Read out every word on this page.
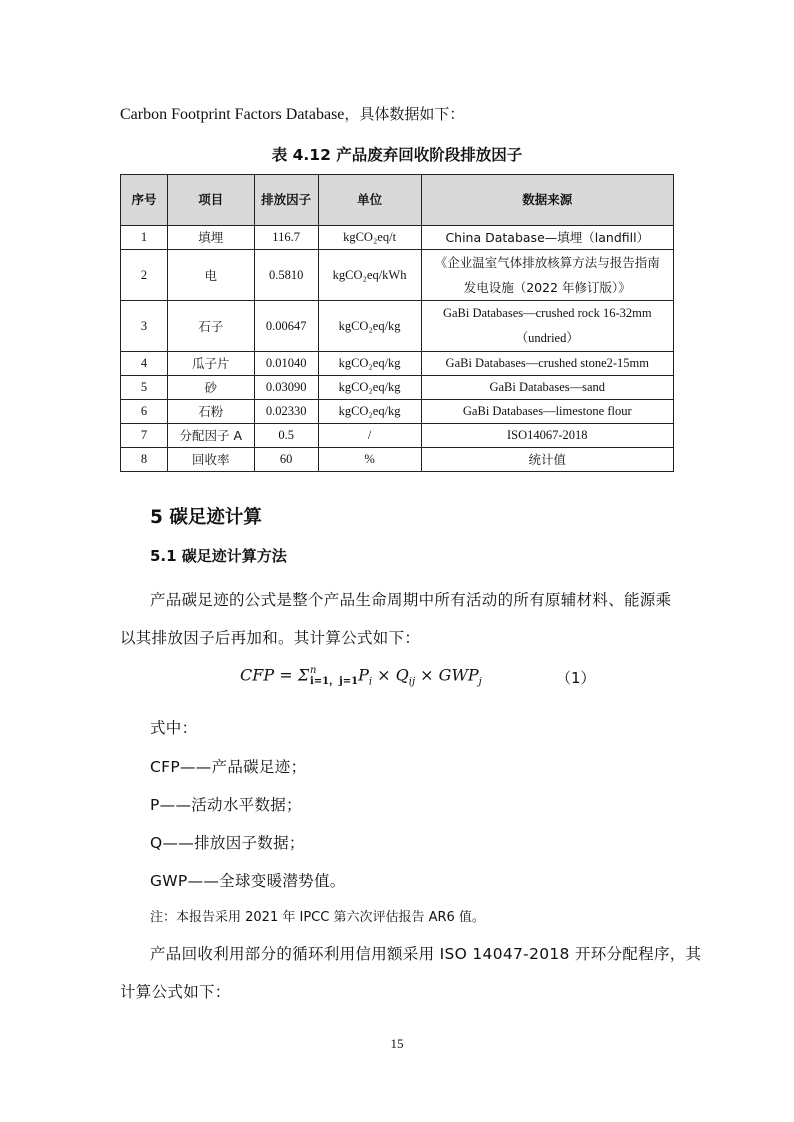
Carbon Footprint Factors Database，具体数据如下：
表 4.12 产品废弃回收阶段排放因子
序号	项目	排放因子	单位	数据来源
1	填埋	116.7	kgCO₂eq/t	China Database—填埋（landfill）
2	电	0.5810	kgCO₂eq/kWh	《企业温室气体排放核算方法与报告指南 发电设施（2022 年修订版）》
3	石子	0.00647	kgCO₂eq/kg	GaBi Databases—crushed rock 16-32mm（undried）
4	瓜子片	0.01040	kgCO₂eq/kg	GaBi Databases—crushed stone2-15mm
5	砂	0.03090	kgCO₂eq/kg	GaBi Databases—sand
6	石粉	0.02330	kgCO₂eq/kg	GaBi Databases—limestone flour
7	分配因子 A	0.5	/	ISO14067-2018
8	回收率	60	%	统计值
5 碳足迹计算
5.1 碳足迹计算方法
产品碳足迹的公式是整个产品生命周期中所有活动的所有原辅材料、能源乘
以其排放因子后再加和。其计算公式如下：
CFP = Σ n
i=1，j=1 $P_i \times Q_{ij} \times GWP_j$	（1）
式中：
CFP——产品碳足迹；
P——活动水平数据；
Q——排放因子数据；
GWP——全球变暖潜势值。
注：本报告采用 2021 年 IPCC 第六次评估报告 AR6 值。
产品回收利用部分的循环利用信用额采用 ISO 14047-2018 开环分配程序，其
计算公式如下：
15
